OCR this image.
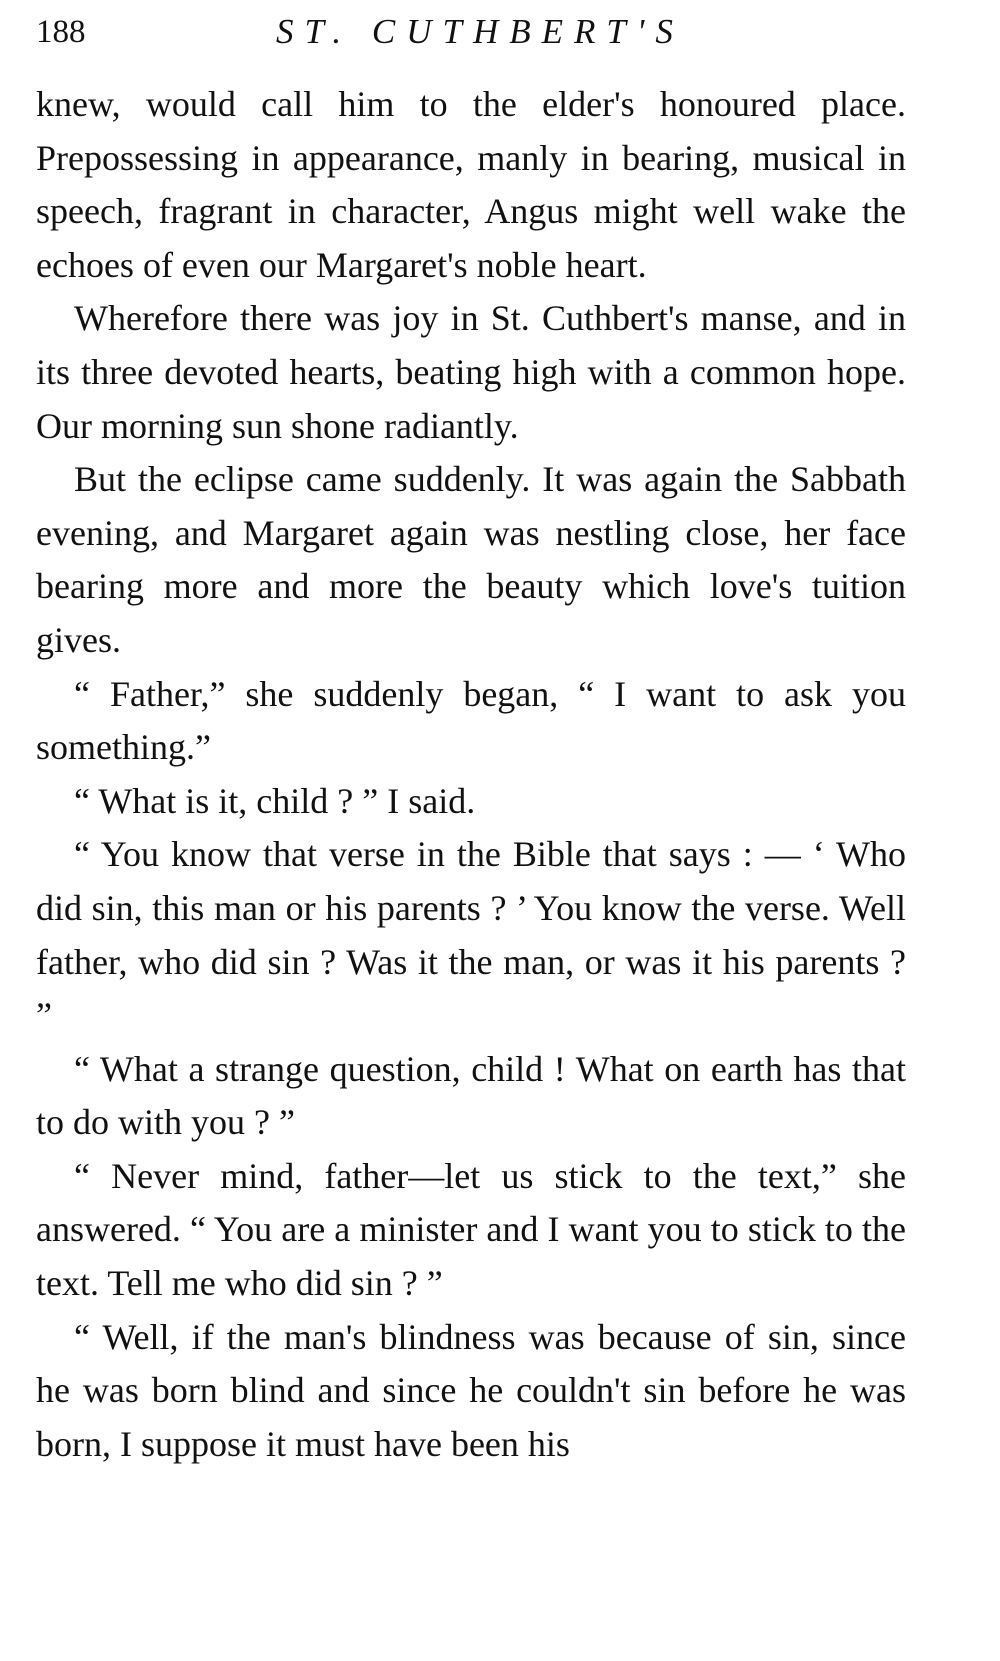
188	ST. CUTHBERT'S

knew, would call him to the elder's honoured place. Prepossessing in appearance, manly in bearing, musical in speech, fragrant in character, Angus might well wake the echoes of even our Margaret's noble heart.

Wherefore there was joy in St. Cuthbert's manse, and in its three devoted hearts, beating high with a common hope. Our morning sun shone radiantly.

But the eclipse came suddenly. It was again the Sabbath evening, and Margaret again was nestling close, her face bearing more and more the beauty which love's tuition gives.

“ Father,” she suddenly began, “ I want to ask you something.”

“ What is it, child ? ” I said.

“ You know that verse in the Bible that says : — ‘ Who did sin, this man or his parents ? ’ You know the verse. Well father, who did sin ? Was it the man, or was it his parents ? ”

“ What a strange question, child ! What on earth has that to do with you ? ”

“ Never mind, father—let us stick to the text,” she answered. “ You are a minister and I want you to stick to the text. Tell me who did sin ? ”

“ Well, if the man's blindness was because of sin, since he was born blind and since he couldn't sin before he was born, I suppose it must have been his
